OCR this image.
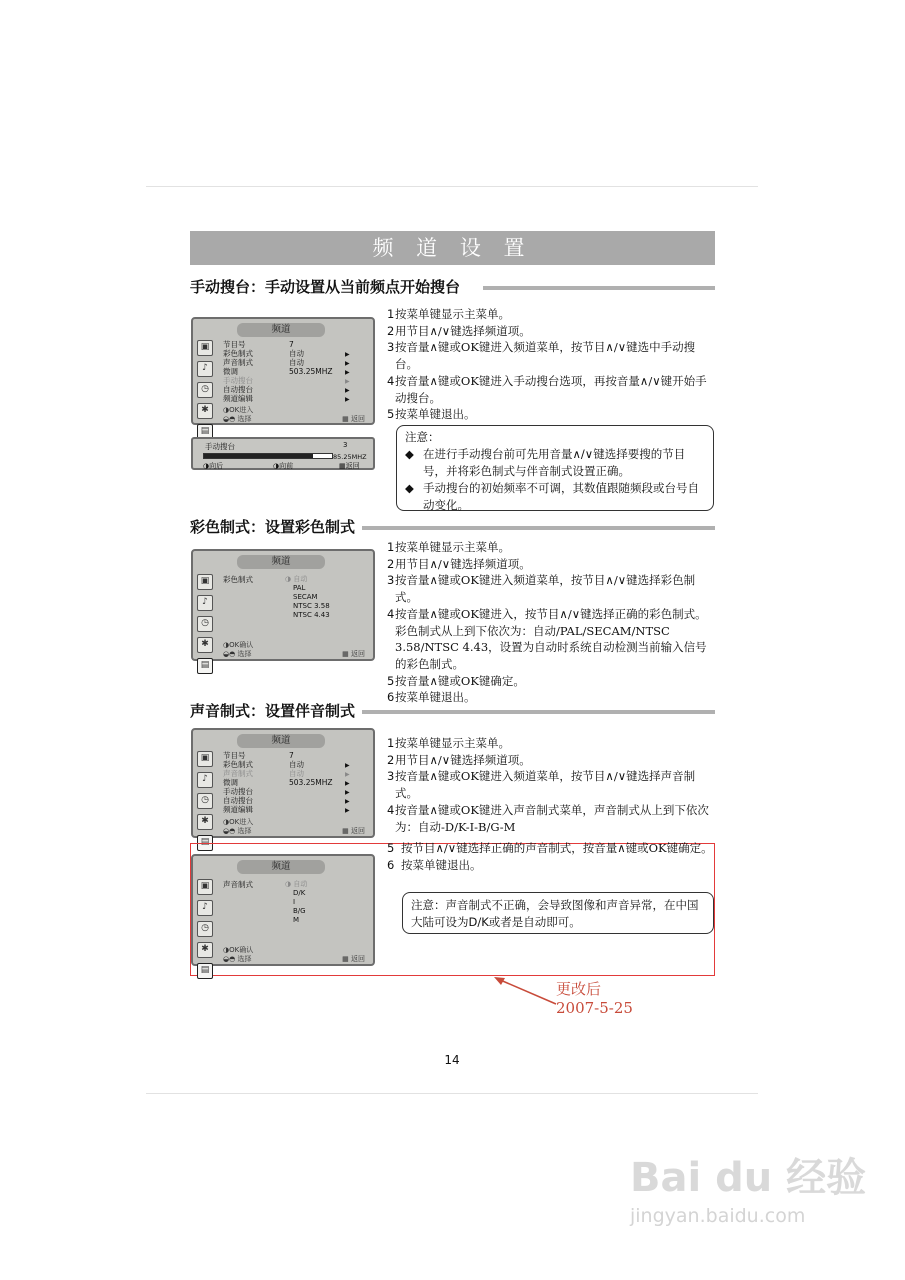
频 道 设 置
手动搜台：手动设置从当前频点开始搜台
频道
▣
♪
◷
✱
▤
节目号	7
彩色制式	自动	▶
声音制式	自动	▶
微调	503.25MHZ ▶
手动搜台	▶
自动搜台	▶
频道编辑	▶
◑OK进入
◒◓ 选择	▦ 返回
手动搜台	3
85.25MHZ
◑向后	◑向前	▦返回
1 按菜单键显示主菜单。
2 用节目∧/∨键选择频道项。
3 按音量∧键或OK键进入频道菜单，按节目∧/∨键选中手动搜台。
4 按音量∧键或OK键进入手动搜台选项，再按音量∧/∨键开始手动搜台。
5 按菜单键退出。
注意：
◆ 在进行手动搜台前可先用音量∧/∨键选择要搜的节目号，并将彩色制式与伴音制式设置正确。
◆ 手动搜台的初始频率不可调，其数值跟随频段或台号自动变化。
彩色制式：设置彩色制式
频道
▣
♪
◷
✱
▤
彩色制式	◑ 自动
PAL
SECAM
NTSC 3.58
NTSC 4.43
◑OK确认
◒◓ 选择	▦ 返回
1 按菜单键显示主菜单。
2 用节目∧/∨键选择频道项。
3 按音量∧键或OK键进入频道菜单，按节目∧/∨键选择彩色制式。
4 按音量∧键或OK键进入，按节目∧/∨键选择正确的彩色制式。彩色制式从上到下依次为：自动/PAL/SECAM/NTSC 3.58/NTSC 4.43，设置为自动时系统自动检测当前输入信号的彩色制式。
5 按音量∧键或OK键确定。
6 按菜单键退出。
声音制式：设置伴音制式
频道
▣
♪
◷
✱
▤
节目号	7
彩色制式	自动	▶
声音制式	自动	▶
微调	503.25MHZ ▶
手动搜台	▶
自动搜台	▶
频道编辑	▶
◑OK进入
◒◓ 选择	▦ 返回
1 按菜单键显示主菜单。
2 用节目∧/∨键选择频道项。
3 按音量∧键或OK键进入频道菜单，按节目∧/∨键选择声音制式。
4 按音量∧键或OK键进入声音制式菜单，声音制式从上到下依次为：自动-D/K-I-B/G-M
频道
▣
♪
◷
✱
▤
声音制式	◑ 自动
D/K
I
B/G
M
◑OK确认
◒◓ 选择	▦ 返回
5 按节目∧/∨键选择正确的声音制式，按音量∧键或OK键确定。
6 按菜单键退出。
注意：声音制式不正确，会导致图像和声音异常，在中国大陆可设为D/K或者是自动即可。
更改后
2007-5-25
14
Bai du 经验
jingyan.baidu.com
